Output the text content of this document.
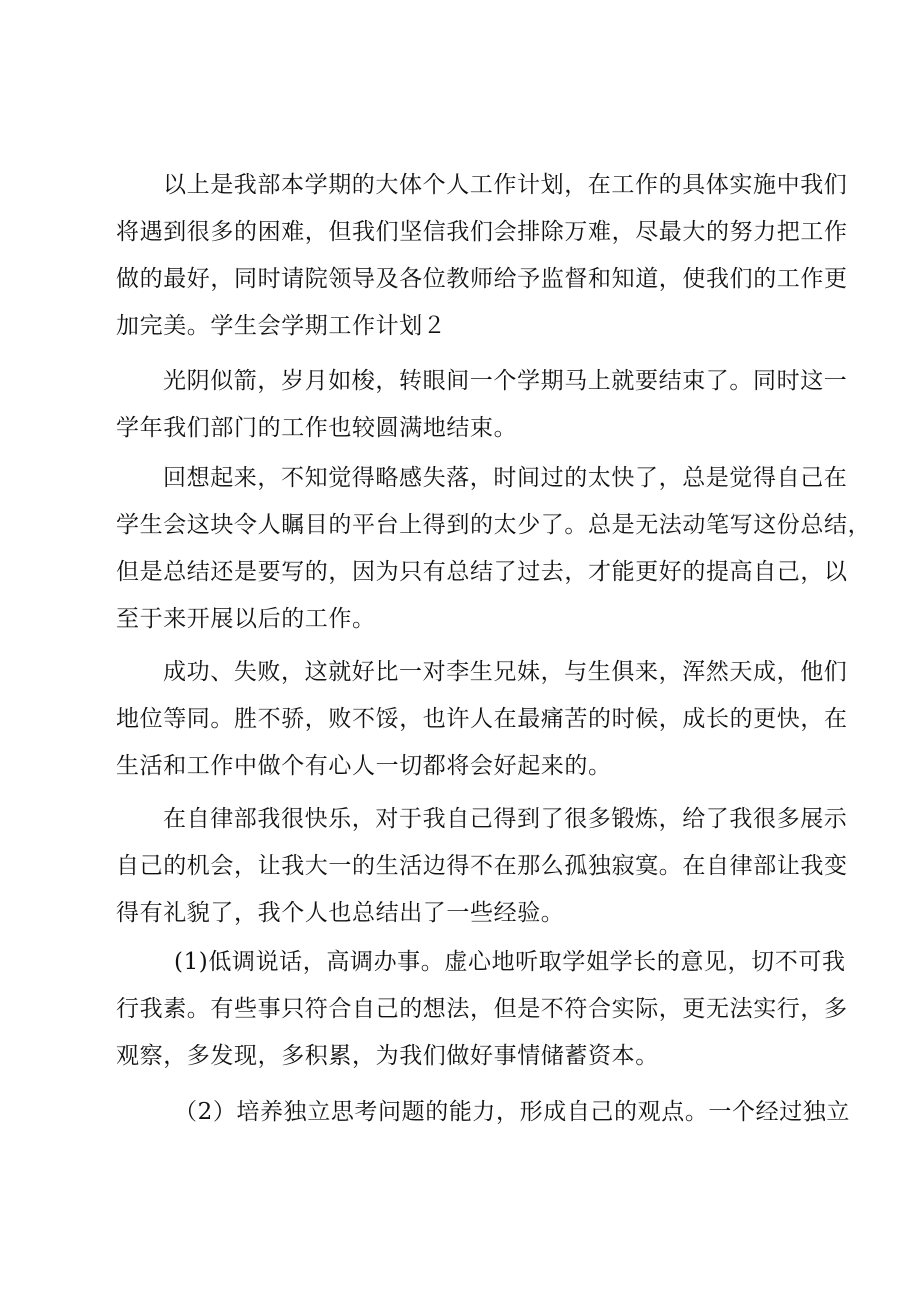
以上是我部本学期的大体个人工作计划，在工作的具体实施中我们
将遇到很多的困难，但我们坚信我们会排除万难，尽最大的努力把工作
做的最好，同时请院领导及各位教师给予监督和知道，使我们的工作更
加完美。学生会学期工作计划２
光阴似箭，岁月如梭，转眼间一个学期马上就要结束了。同时这一
学年我们部门的工作也较圆满地结束。
回想起来，不知觉得略感失落，时间过的太快了，总是觉得自己在
学生会这块令人瞩目的平台上得到的太少了。总是无法动笔写这份总结，
但是总结还是要写的，因为只有总结了过去，才能更好的提高自己，以
至于来开展以后的工作。
成功、失败，这就好比一对李生兄妹，与生俱来，浑然天成，他们
地位等同。胜不骄，败不馁，也许人在最痛苦的时候，成长的更快，在
生活和工作中做个有心人一切都将会好起来的。
在自律部我很快乐，对于我自己得到了很多锻炼，给了我很多展示
自己的机会，让我大一的生活边得不在那么孤独寂寞。在自律部让我变
得有礼貌了，我个人也总结出了一些经验。
(1)低调说话，高调办事。虚心地听取学姐学长的意见，切不可我
行我素。有些事只符合自己的想法，但是不符合实际，更无法实行，多
观察，多发现，多积累，为我们做好事情储蓄资本。
（2）培养独立思考问题的能力，形成自己的观点。一个经过独立
